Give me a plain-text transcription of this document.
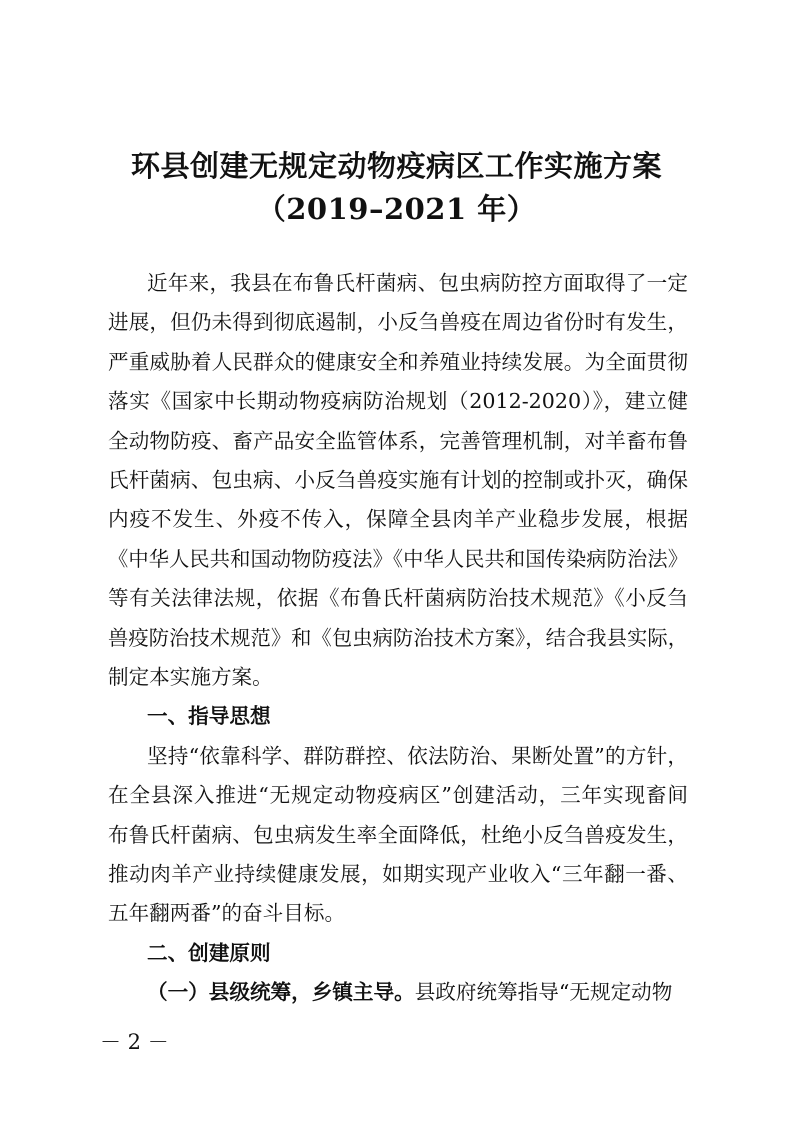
环县创建无规定动物疫病区工作实施方案
（2019–2021 年）
近年来，我县在布鲁氏杆菌病、包虫病防控方面取得了一定
进展，但仍未得到彻底遏制，小反刍兽疫在周边省份时有发生，
严重威胁着人民群众的健康安全和养殖业持续发展。为全面贯彻
落实《国家中长期动物疫病防治规划（2012-2020）》，建立健
全动物防疫、畜产品安全监管体系，完善管理机制，对羊畜布鲁
氏杆菌病、包虫病、小反刍兽疫实施有计划的控制或扑灭，确保
内疫不发生、外疫不传入，保障全县肉羊产业稳步发展，根据
《中华人民共和国动物防疫法》《中华人民共和国传染病防治法》
等有关法律法规，依据《布鲁氏杆菌病防治技术规范》《小反刍
兽疫防治技术规范》和《包虫病防治技术方案》，结合我县实际，
制定本实施方案。
一、指导思想
坚持“依靠科学、群防群控、依法防治、果断处置”的方针，
在全县深入推进“无规定动物疫病区”创建活动，三年实现畜间
布鲁氏杆菌病、包虫病发生率全面降低，杜绝小反刍兽疫发生，
推动肉羊产业持续健康发展，如期实现产业收入“三年翻一番、
五年翻两番”的奋斗目标。
二、创建原则
（一）县级统筹，乡镇主导。县政府统筹指导“无规定动物
－ 2 －
